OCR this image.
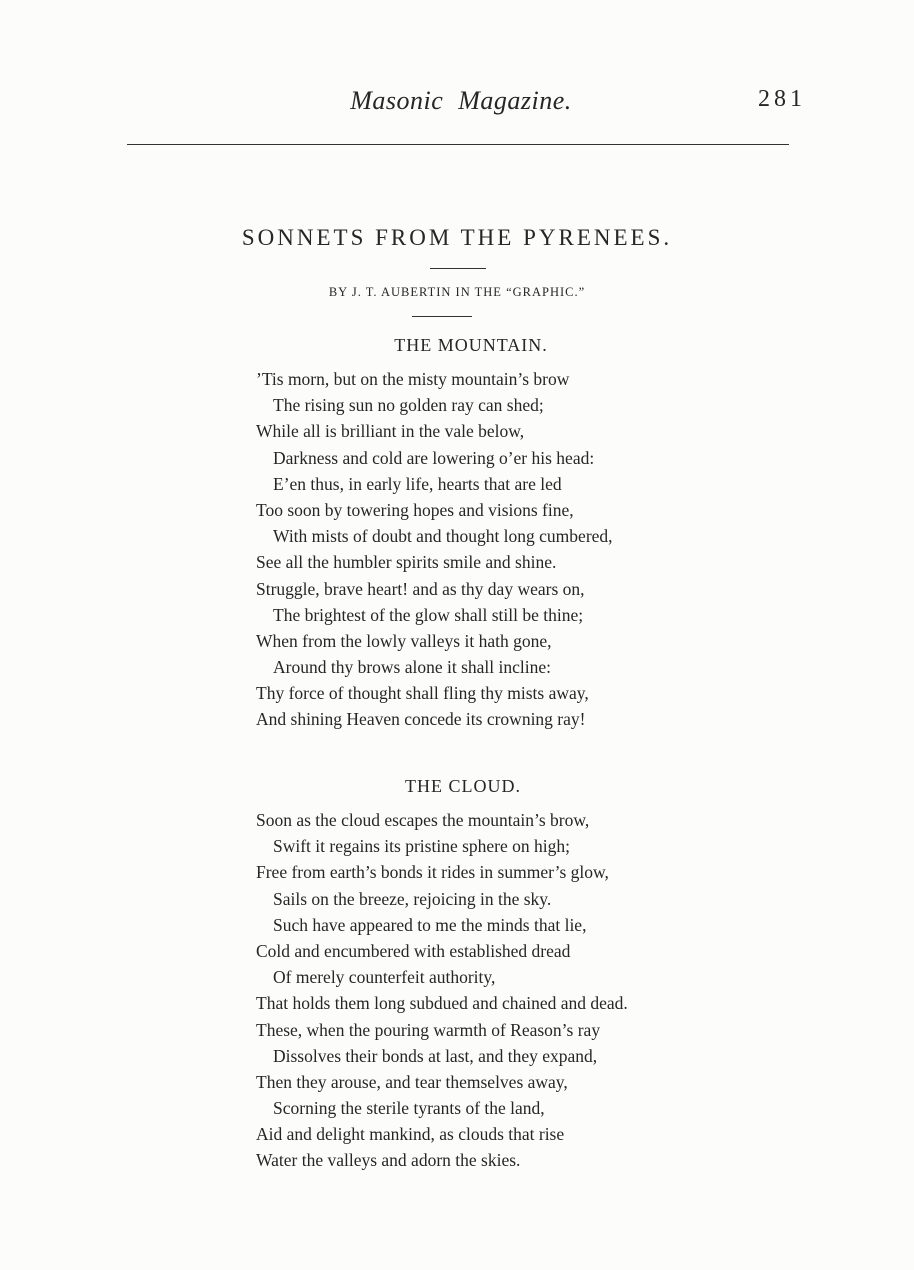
Masonic Magazine.	281
SONNETS FROM THE PYRENEES.
BY J. T. AUBERTIN IN THE “GRAPHIC.”
THE MOUNTAIN.
’Tis morn, but on the misty mountain’s brow
The rising sun no golden ray can shed;
While all is brilliant in the vale below,
Darkness and cold are lowering o’er his head:
E’en thus, in early life, hearts that are led
Too soon by towering hopes and visions fine,
With mists of doubt and thought long cumbered,
See all the humbler spirits smile and shine.
Struggle, brave heart! and as thy day wears on,
The brightest of the glow shall still be thine;
When from the lowly valleys it hath gone,
Around thy brows alone it shall incline:
Thy force of thought shall fling thy mists away,
And shining Heaven concede its crowning ray!
THE CLOUD.
Soon as the cloud escapes the mountain’s brow,
Swift it regains its pristine sphere on high;
Free from earth’s bonds it rides in summer’s glow,
Sails on the breeze, rejoicing in the sky.
Such have appeared to me the minds that lie,
Cold and encumbered with established dread
Of merely counterfeit authority,
That holds them long subdued and chained and dead.
These, when the pouring warmth of Reason’s ray
Dissolves their bonds at last, and they expand,
Then they arouse, and tear themselves away,
Scorning the sterile tyrants of the land,
Aid and delight mankind, as clouds that rise
Water the valleys and adorn the skies.
